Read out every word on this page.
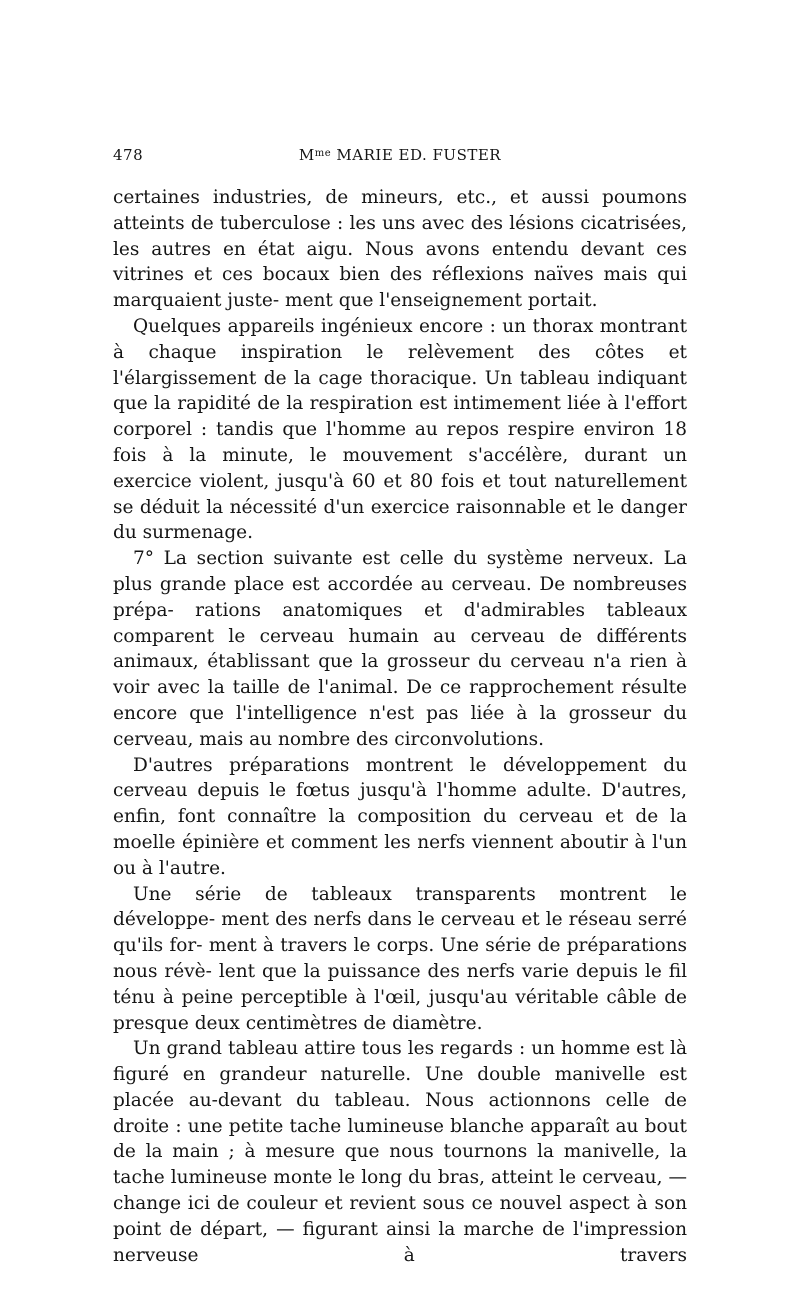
478	$M^{me}$ MARIE ED. FUSTER

certaines industries, de mineurs, etc., et aussi poumons atteints de tuberculose : les uns avec des lésions cicatrisées, les autres en état aigu. Nous avons entendu devant ces vitrines et ces bocaux bien des réflexions naïves mais qui marquaient juste- ment que l'enseignement portait.

Quelques appareils ingénieux encore : un thorax montrant à chaque inspiration le relèvement des côtes et l'élargissement de la cage thoracique. Un tableau indiquant que la rapidité de la respiration est intimement liée à l'effort corporel : tandis que l'homme au repos respire environ 18 fois à la minute, le mouvement s'accélère, durant un exercice violent, jusqu'à 60 et 80 fois et tout naturellement se déduit la nécessité d'un exercice raisonnable et le danger du surmenage.

7° La section suivante est celle du système nerveux. La plus grande place est accordée au cerveau. De nombreuses prépa- rations anatomiques et d'admirables tableaux comparent le cerveau humain au cerveau de différents animaux, établissant que la grosseur du cerveau n'a rien à voir avec la taille de l'animal. De ce rapprochement résulte encore que l'intelligence n'est pas liée à la grosseur du cerveau, mais au nombre des circonvolutions.

D'autres préparations montrent le développement du cerveau depuis le fœtus jusqu'à l'homme adulte. D'autres, enfin, font connaître la composition du cerveau et de la moelle épinière et comment les nerfs viennent aboutir à l'un ou à l'autre.

Une série de tableaux transparents montrent le développe- ment des nerfs dans le cerveau et le réseau serré qu'ils for- ment à travers le corps. Une série de préparations nous révè- lent que la puissance des nerfs varie depuis le fil ténu à peine perceptible à l'œil, jusqu'au véritable câble de presque deux centimètres de diamètre.

Un grand tableau attire tous les regards : un homme est là figuré en grandeur naturelle. Une double manivelle est placée au-devant du tableau. Nous actionnons celle de droite : une petite tache lumineuse blanche apparaît au bout de la main ; à mesure que nous tournons la manivelle, la tache lumineuse monte le long du bras, atteint le cerveau, — change ici de couleur et revient sous ce nouvel aspect à son point de départ, — figurant ainsi la marche de l'impression nerveuse à travers
